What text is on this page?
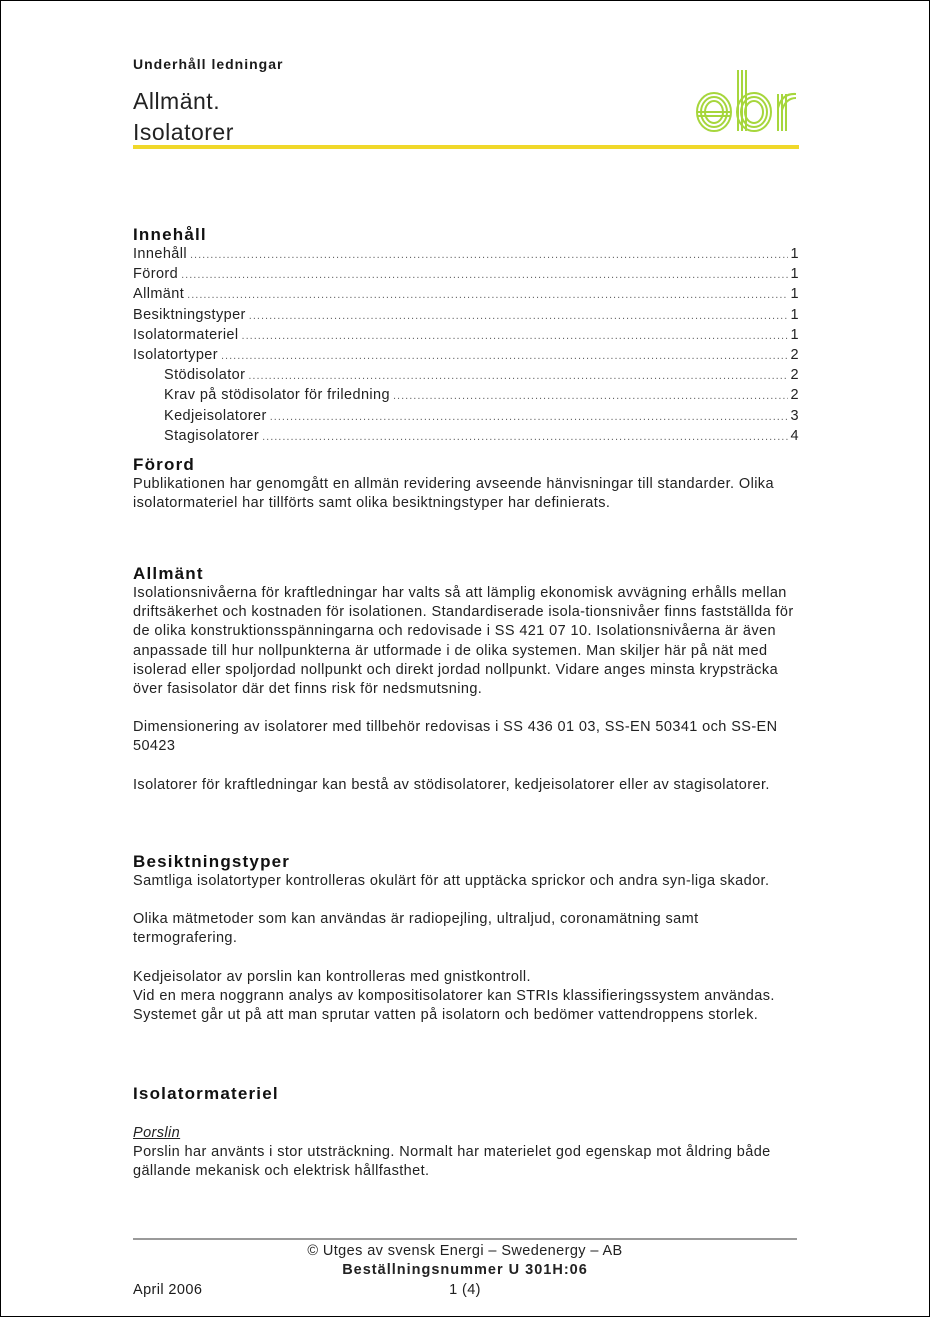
Underhåll ledningar
Allmänt.
Isolatorer
Innehåll
Innehåll .....	1
Förord .....	1
Allmänt .....	1
Besiktningstyper .....	1
Isolatormateriel .....	1
Isolatortyper .....	2
Stödisolator .....	2
Krav på stödisolator för friledning .....	2
Kedjeisolatorer .....	3
Stagisolatorer .....	4
Förord

Publikationen har genomgått en allmän revidering avseende hänvisningar till standarder. Olika isolatormateriel har tillförts samt olika besiktningstyper har definierats.

Allmänt

Isolationsnivåerna för kraftledningar har valts så att lämplig ekonomisk avvägning erhålls mellan driftsäkerhet och kostnaden för isolationen. Standardiserade isola-tionsnivåer finns fastställda för de olika konstruktionsspänningarna och redovisade i SS 421 07 10. Isolationsnivåerna är även anpassade till hur nollpunkterna är utformade i de olika systemen. Man skiljer här på nät med isolerad eller spoljordad nollpunkt och direkt jordad nollpunkt. Vidare anges minsta krypsträcka över fasisolator där det finns risk för nedsmutsning.

Dimensionering av isolatorer med tillbehör redovisas i SS 436 01 03, SS-EN 50341 och SS-EN 50423

Isolatorer för kraftledningar kan bestå av stödisolatorer, kedjeisolatorer eller av stagisolatorer.

Besiktningstyper

Samtliga isolatortyper kontrolleras okulärt för att upptäcka sprickor och andra syn-liga skador.

Olika mätmetoder som kan användas är radiopejling, ultraljud, coronamätning samt termografering.

Kedjeisolator av porslin kan kontrolleras med gnistkontroll.

Vid en mera noggrann analys av kompositisolatorer kan STRIs klassifieringssystem användas. Systemet går ut på att man sprutar vatten på isolatorn och bedömer vattendroppens storlek.

Isolatormateriel

Porslin

Porslin har använts i stor utsträckning. Normalt har materielet god egenskap mot åldring både gällande mekanisk och elektrisk hållfasthet.

© Utges av svensk Energi – Swedenergy – AB
Beställningsnummer U 301H:06
April 2006	1 (4)
